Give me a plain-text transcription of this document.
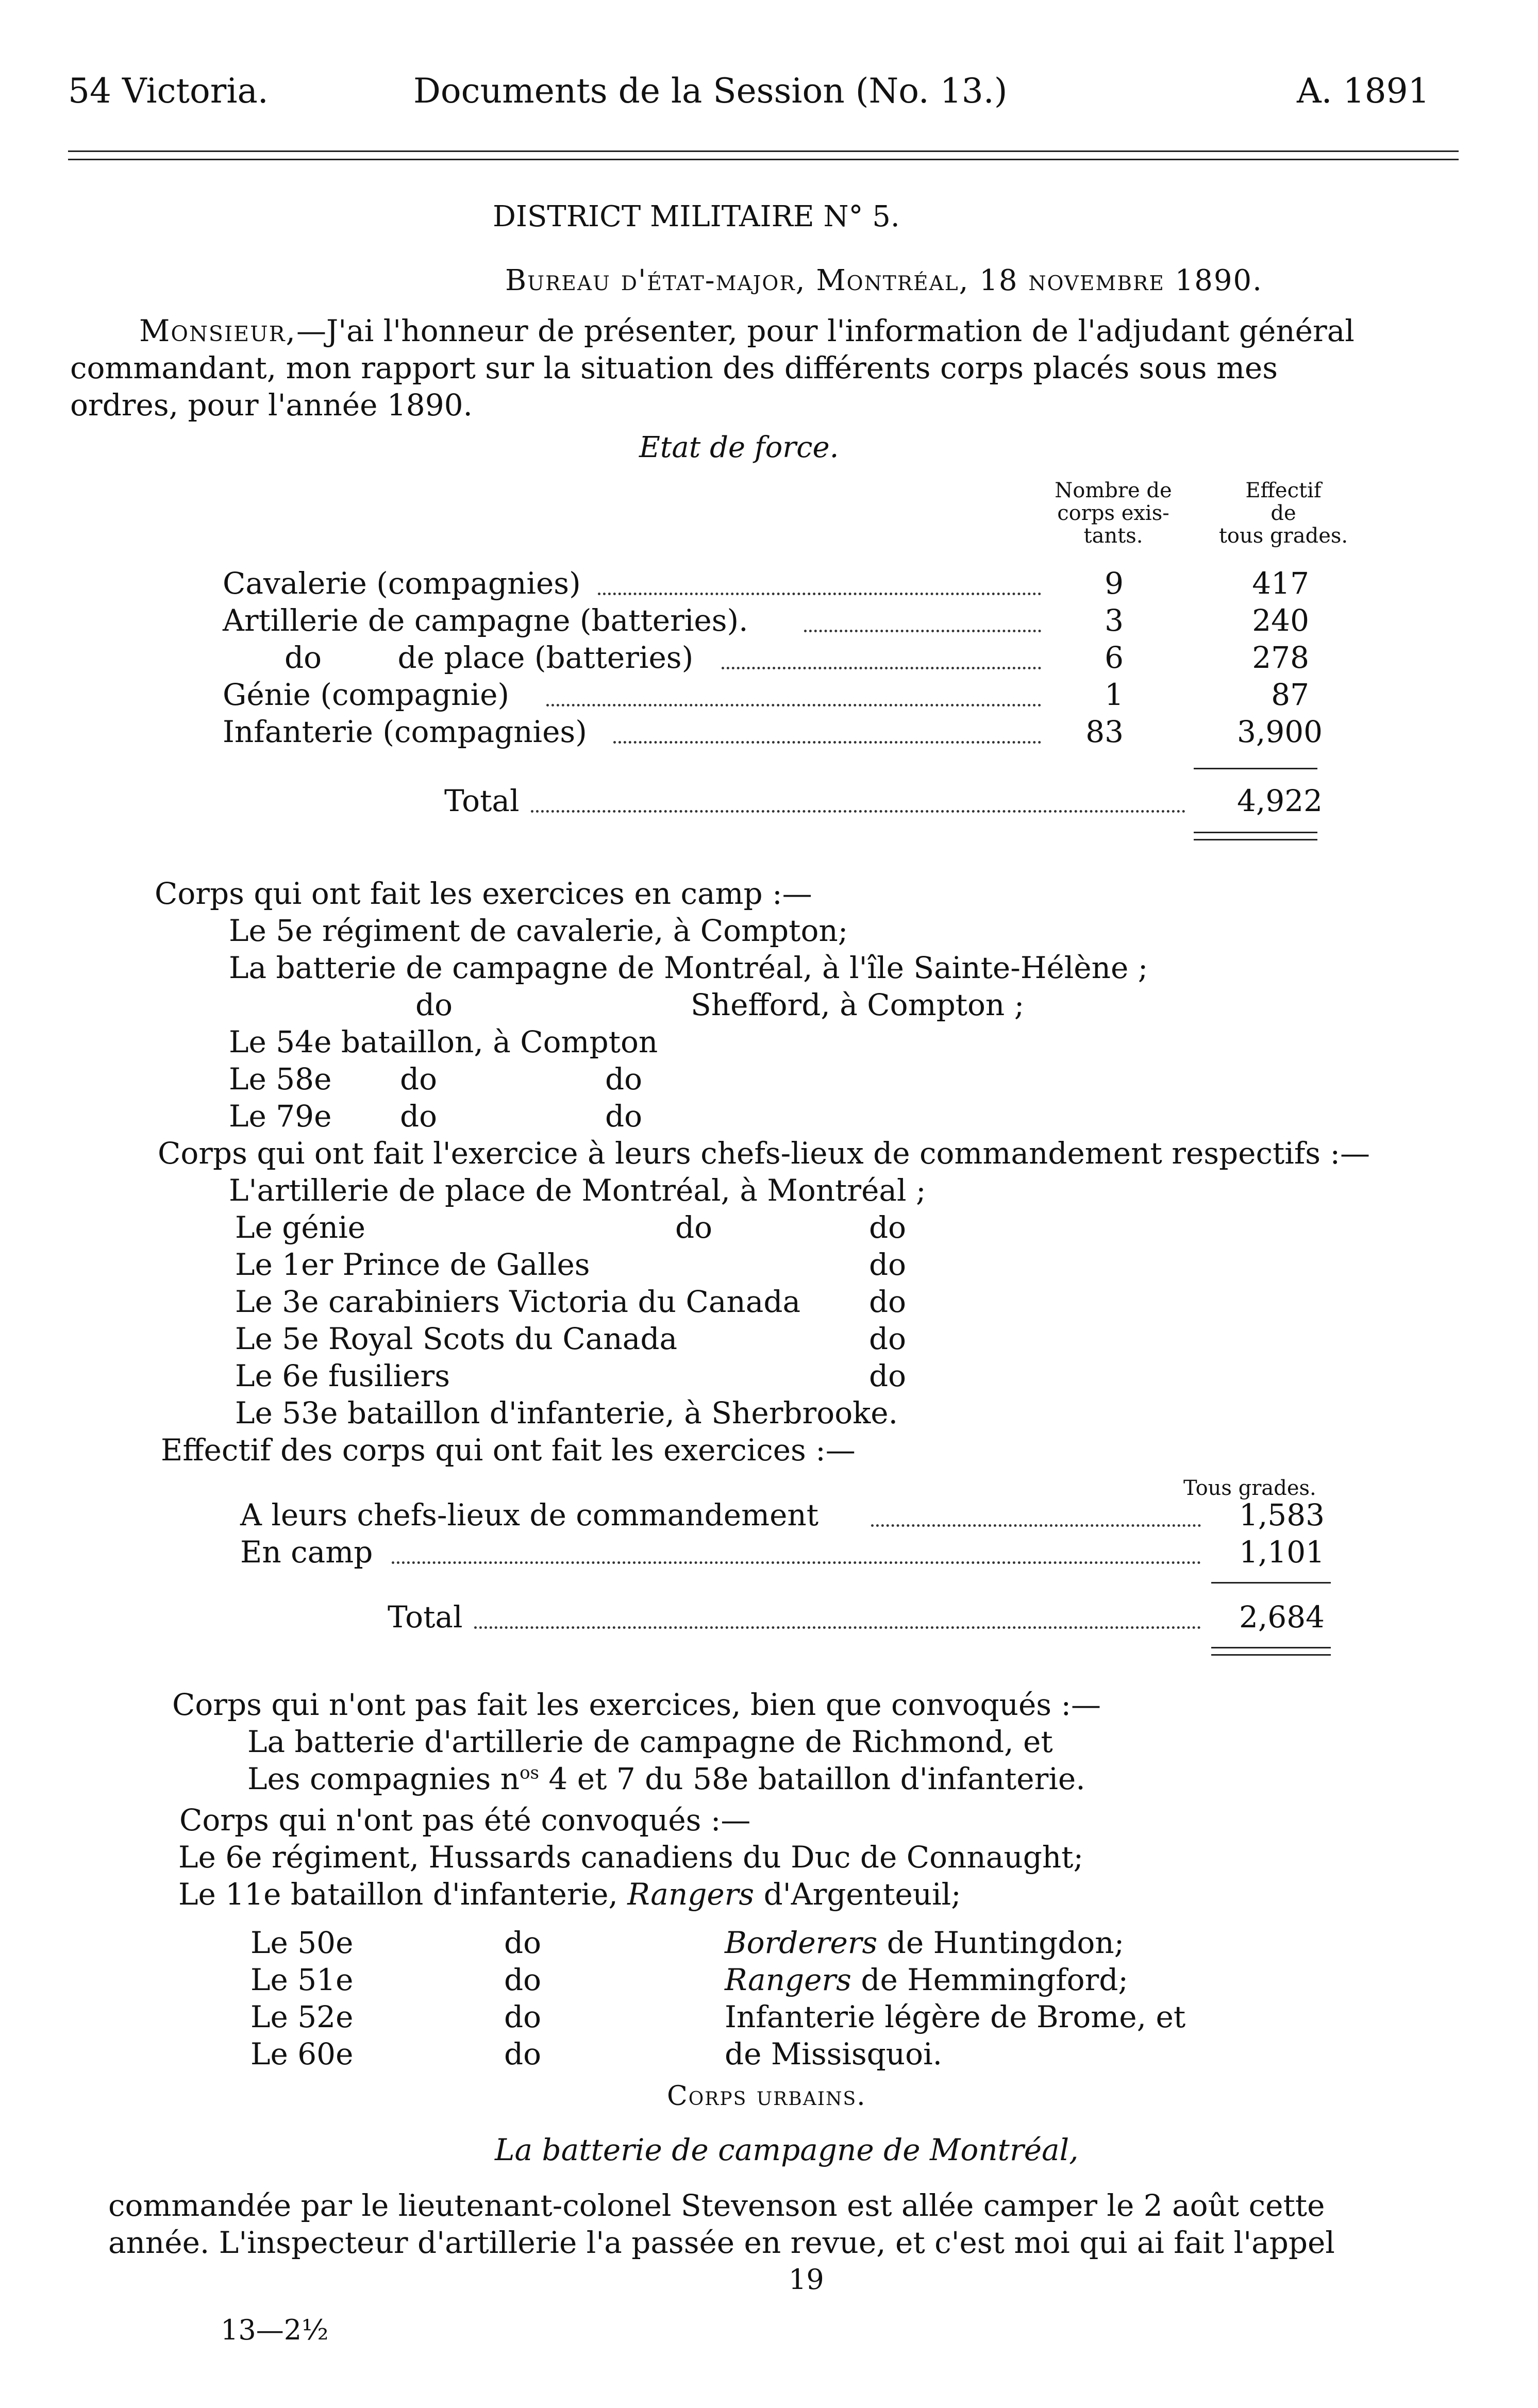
54 Victoria.	Documents de la Session (No. 13.)	A. 1891
DISTRICT MILITAIRE N° 5.
Bureau d'état-major, Montréal, 18 novembre 1890.
Monsieur,—J'ai l'honneur de présenter, pour l'information de l'adjudant général
commandant, mon rapport sur la situation des différents corps placés sous mes
ordres, pour l'année 1890.
Etat de force.
Nombre de
corps exis-
tants.
Effectif
de
tous grades.
Cavalerie (compagnies)	9	417
Artillerie de campagne (batteries).	3	240
do        de place (batteries)	6	278
Génie (compagnie)	1	87
Infanterie (compagnies)	83	3,900
Total	4,922
Corps qui ont fait les exercices en camp :—
Le 5e régiment de cavalerie, à Compton;
La batterie de campagne de Montréal, à l'île Sainte-Hélène ;
do	Shefford, à Compton ;
Le 54e bataillon, à Compton
Le 58e do	do
Le 79e do	do
Corps qui ont fait l'exercice à leurs chefs-lieux de commandement respectifs :—
L'artillerie de place de Montréal, à Montréal ;
Le génie	do	do
Le 1er Prince de Galles	do
Le 3e carabiniers Victoria du Canada do
Le 5e Royal Scots du Canada	do
Le 6e fusiliers	do
Le 53e bataillon d'infanterie, à Sherbrooke.
Effectif des corps qui ont fait les exercices :—
Tous grades.
A leurs chefs-lieux de commandement	1,583
En camp	1,101
Total	2,684
Corps qui n'ont pas fait les exercices, bien que convoqués :—
La batterie d'artillerie de campagne de Richmond, et
Les compagnies $n^{os}$ 4 et 7 du 58e bataillon d'infanterie.
Corps qui n'ont pas été convoqués :—
Le 6e régiment, Hussards canadiens du Duc de Connaught;
Le 11e bataillon d'infanterie, Rangers d'Argenteuil;
Le 50e	do	Borderers de Huntingdon;
Le 51e	do	Rangers de Hemmingford;
Le 52e	do	Infanterie légère de Brome, et
Le 60e	do	de Missisquoi.
Corps urbains.
La batterie de campagne de Montréal,
commandée par le lieutenant-colonel Stevenson est allée camper le 2 août cette
année. L'inspecteur d'artillerie l'a passée en revue, et c'est moi qui ai fait l'appel
19
13—2½
